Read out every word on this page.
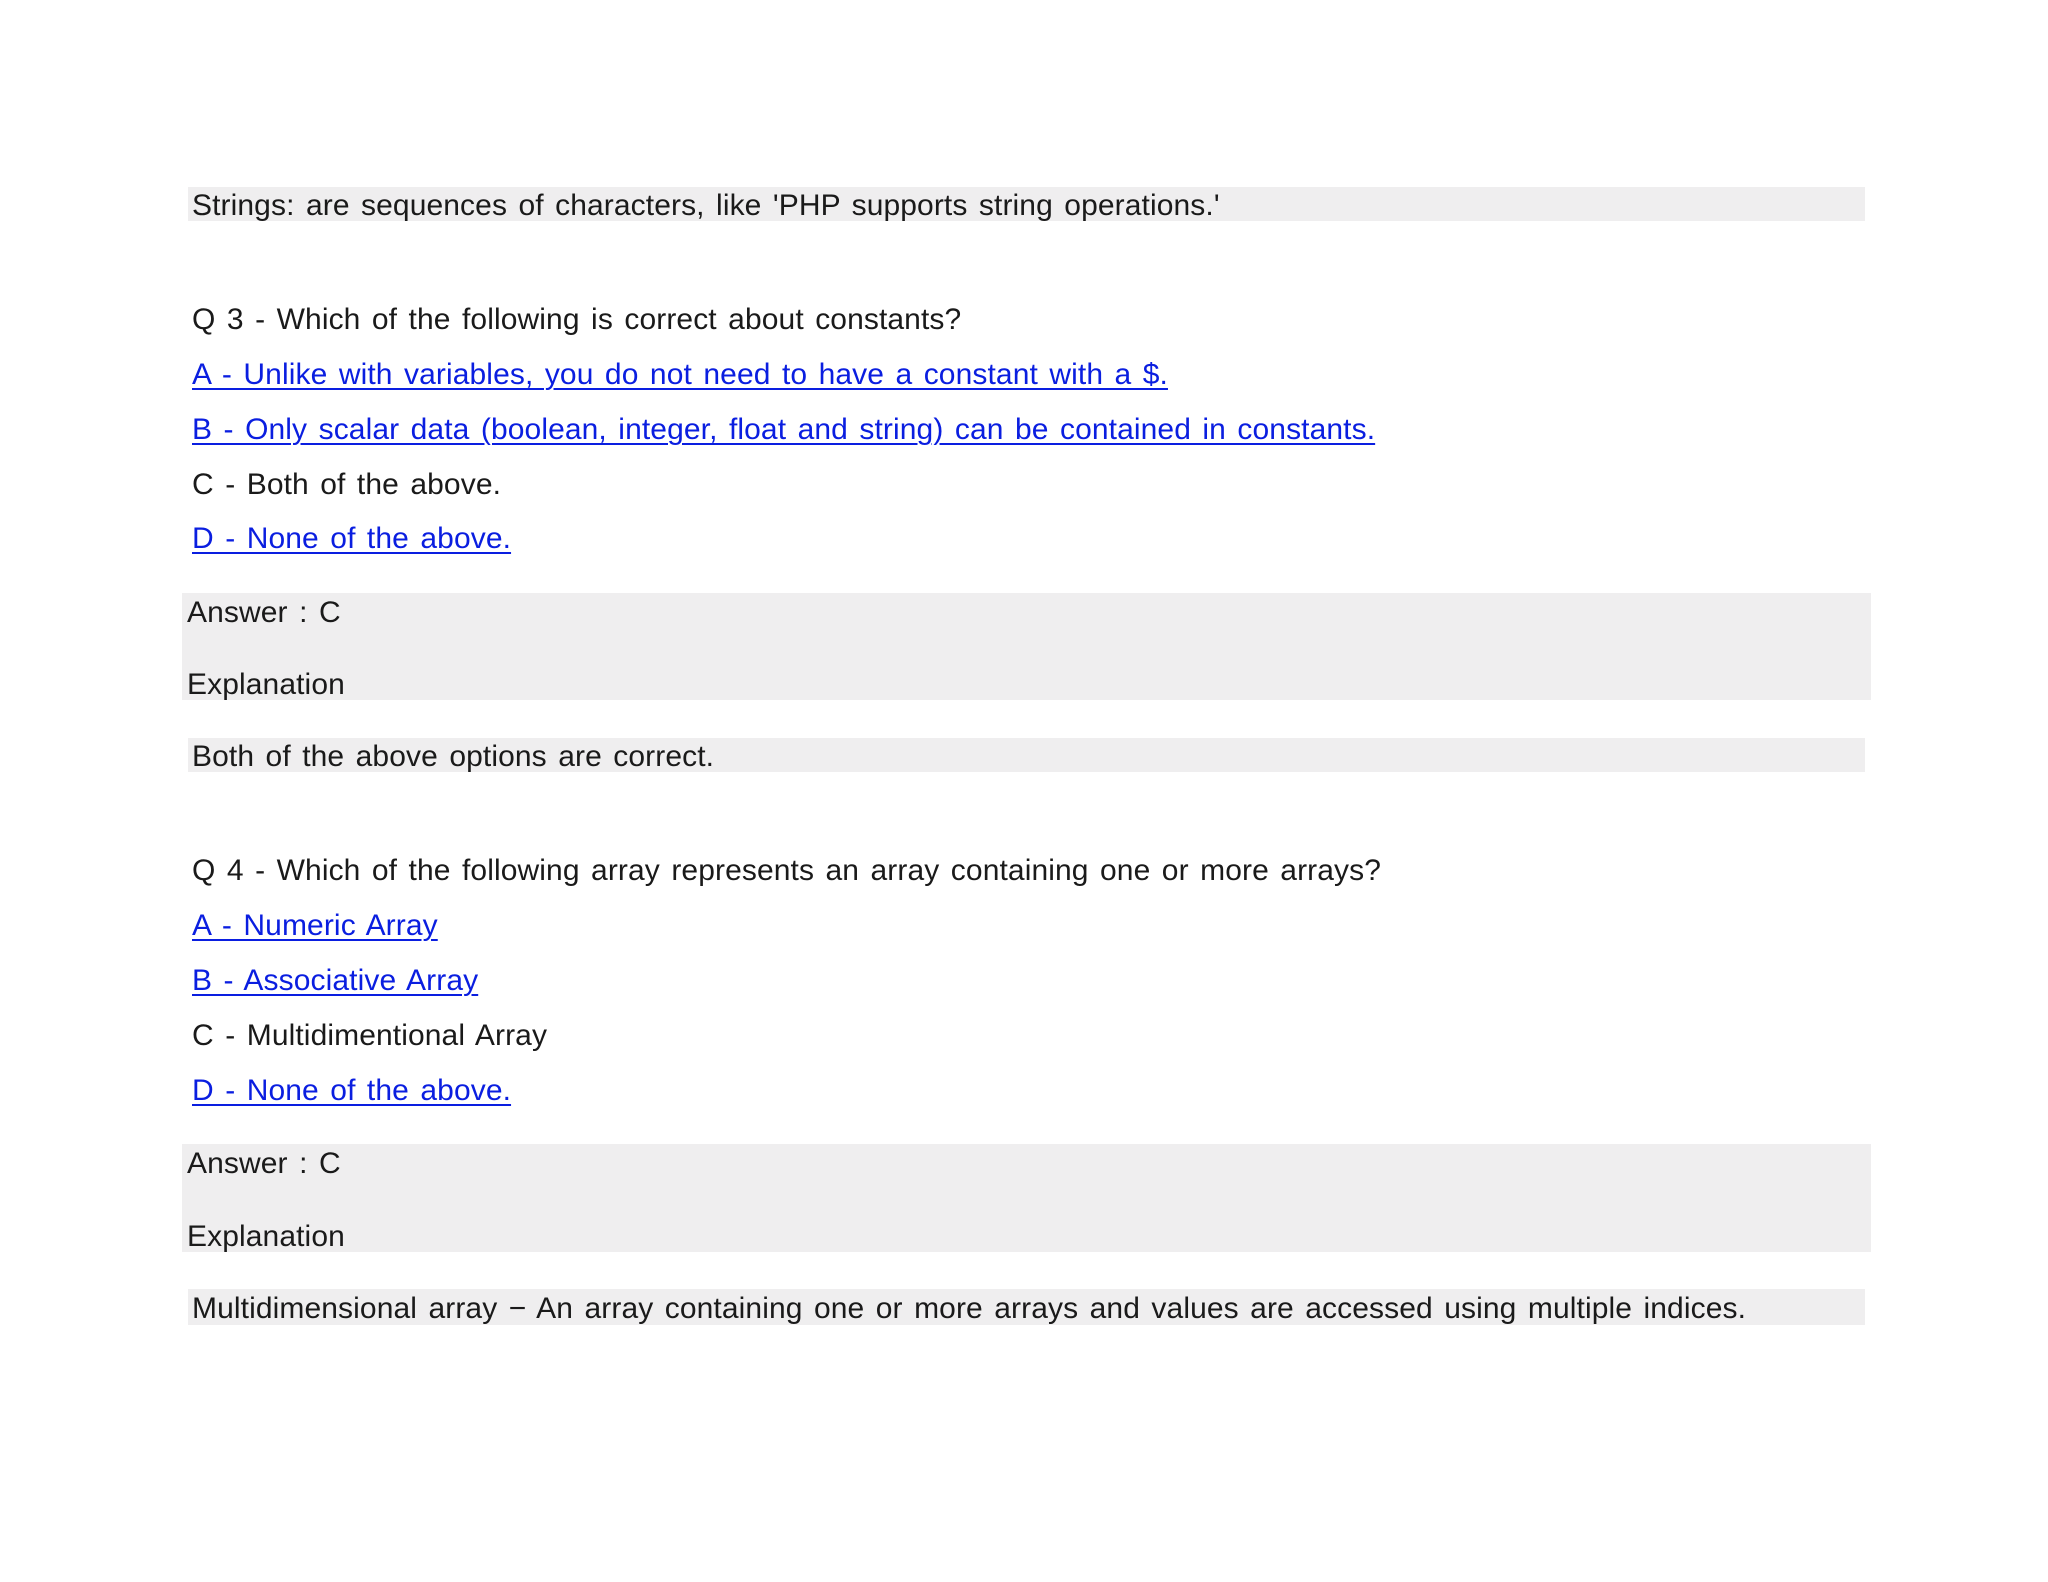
Strings: are sequences of characters, like 'PHP supports string operations.'
Q 3 - Which of the following is correct about constants?
A - Unlike with variables, you do not need to have a constant with a $.
B - Only scalar data (boolean, integer, float and string) can be contained in constants.
C - Both of the above.
D - None of the above.
Answer : C
Explanation
Both of the above options are correct.
Q 4 - Which of the following array represents an array containing one or more arrays?
A - Numeric Array
B - Associative Array
C - Multidimentional Array
D - None of the above.
Answer : C
Explanation
Multidimensional array − An array containing one or more arrays and values are accessed using multiple indices.
